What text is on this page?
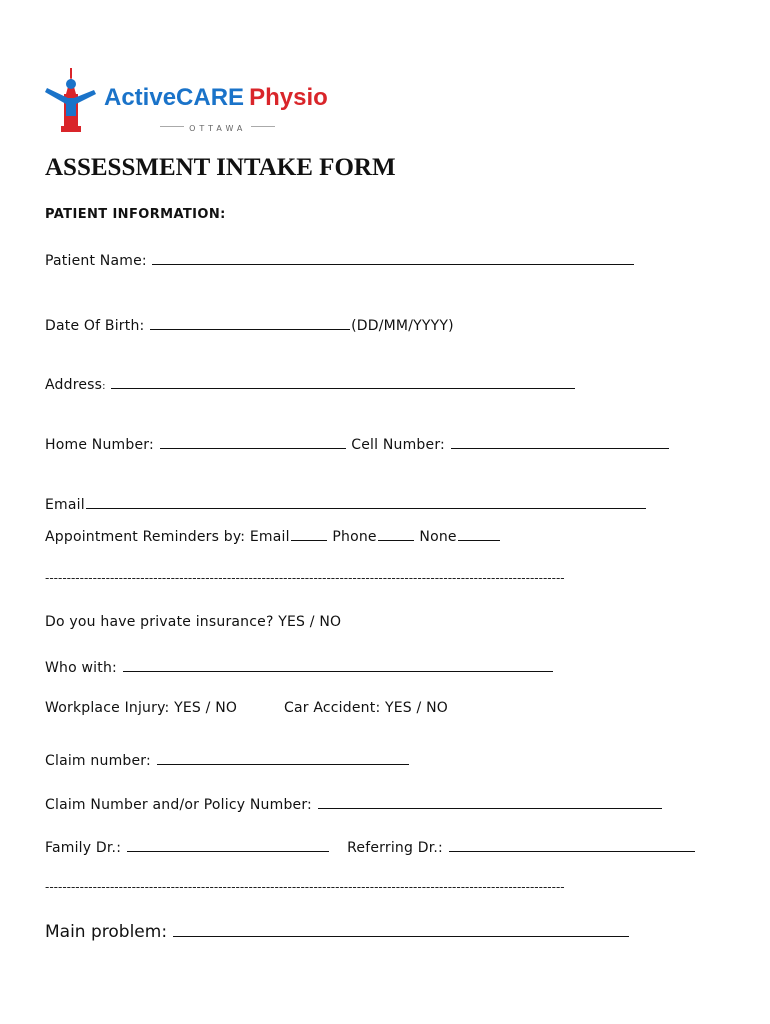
ActiveCARE Physio
OTTAWA
ASSESSMENT INTAKE FORM
PATIENT INFORMATION:
Patient Name:
Date Of Birth:	(DD/MM/YYYY)
Address:
Home Number:	Cell Number:
Email
Appointment Reminders by: Email	Phone	None
------------------------------------------------------------------------------------------------------------------------
Do you have private insurance? YES / NO
Who with:
Workplace Injury: YES / NO	Car Accident: YES / NO
Claim number:
Claim Number and/or Policy Number:
Family Dr.:	Referring Dr.:
------------------------------------------------------------------------------------------------------------------------
Main problem:
